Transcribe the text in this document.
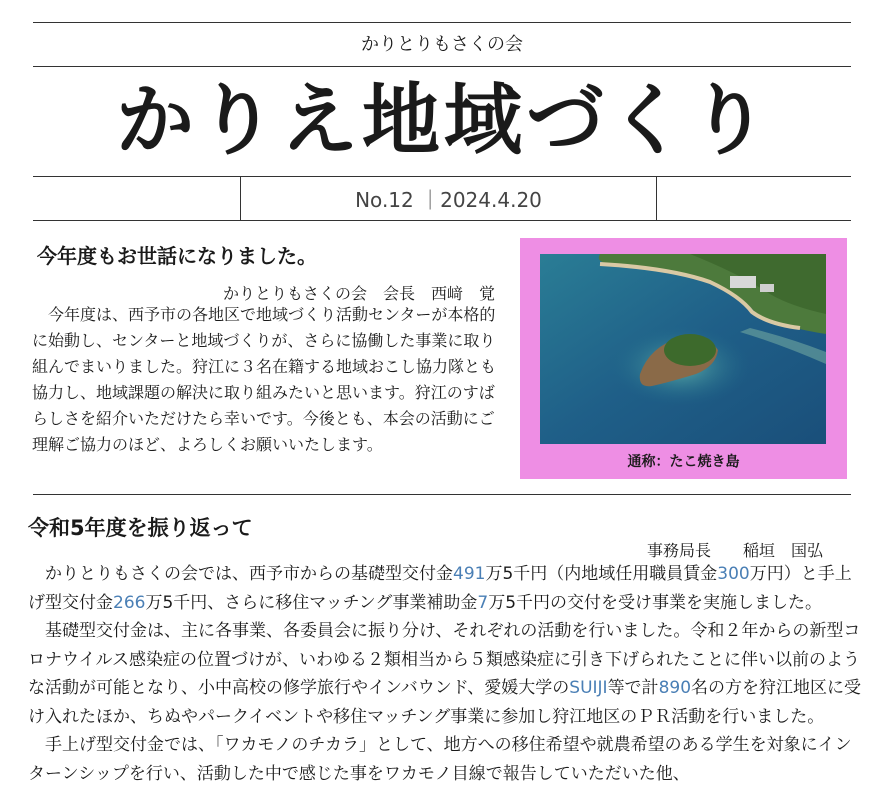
かりとりもさくの会
かりえ地域づくり
No.12 ｜2024.4.20
今年度もお世話になりました。
かりとりもさくの会　会長　西﨑　覚

今年度は、西予市の各地区で地域づくり活動センターが本格的に始動し、センターと地域づくりが、さらに協働した事業に取り組んでまいりました。狩江に３名在籍する地域おこし協力隊とも協力し、地域課題の解決に取り組みたいと思います。狩江のすばらしさを紹介いただけたら幸いです。今後とも、本会の活動にご理解ご協力のほど、よろしくお願いいたします。

通称：たこ焼き島
令和5年度を振り返って
事務局長　　稲垣　国弘

かりとりもさくの会では、西予市からの基礎型交付金491万5千円（内地域任用職員賃金300万円）と手上げ型交付金266万5千円、さらに移住マッチング事業補助金7万5千円の交付を受け事業を実施しました。

基礎型交付金は、主に各事業、各委員会に振り分け、それぞれの活動を行いました。令和２年からの新型コロナウイルス感染症の位置づけが、いわゆる２類相当から５類感染症に引き下げられたことに伴い以前のような活動が可能となり、小中高校の修学旅行やインバウンド、愛媛大学のSUIJI等で計890名の方を狩江地区に受け入れたほか、ちぬやパークイベントや移住マッチング事業に参加し狩江地区のＰＲ活動を行いました。

手上げ型交付金では、「ワカモノのチカラ」として、地方への移住希望や就農希望のある学生を対象にインターンシップを行い、活動した中で感じた事をワカモノ目線で報告していただいた他、
